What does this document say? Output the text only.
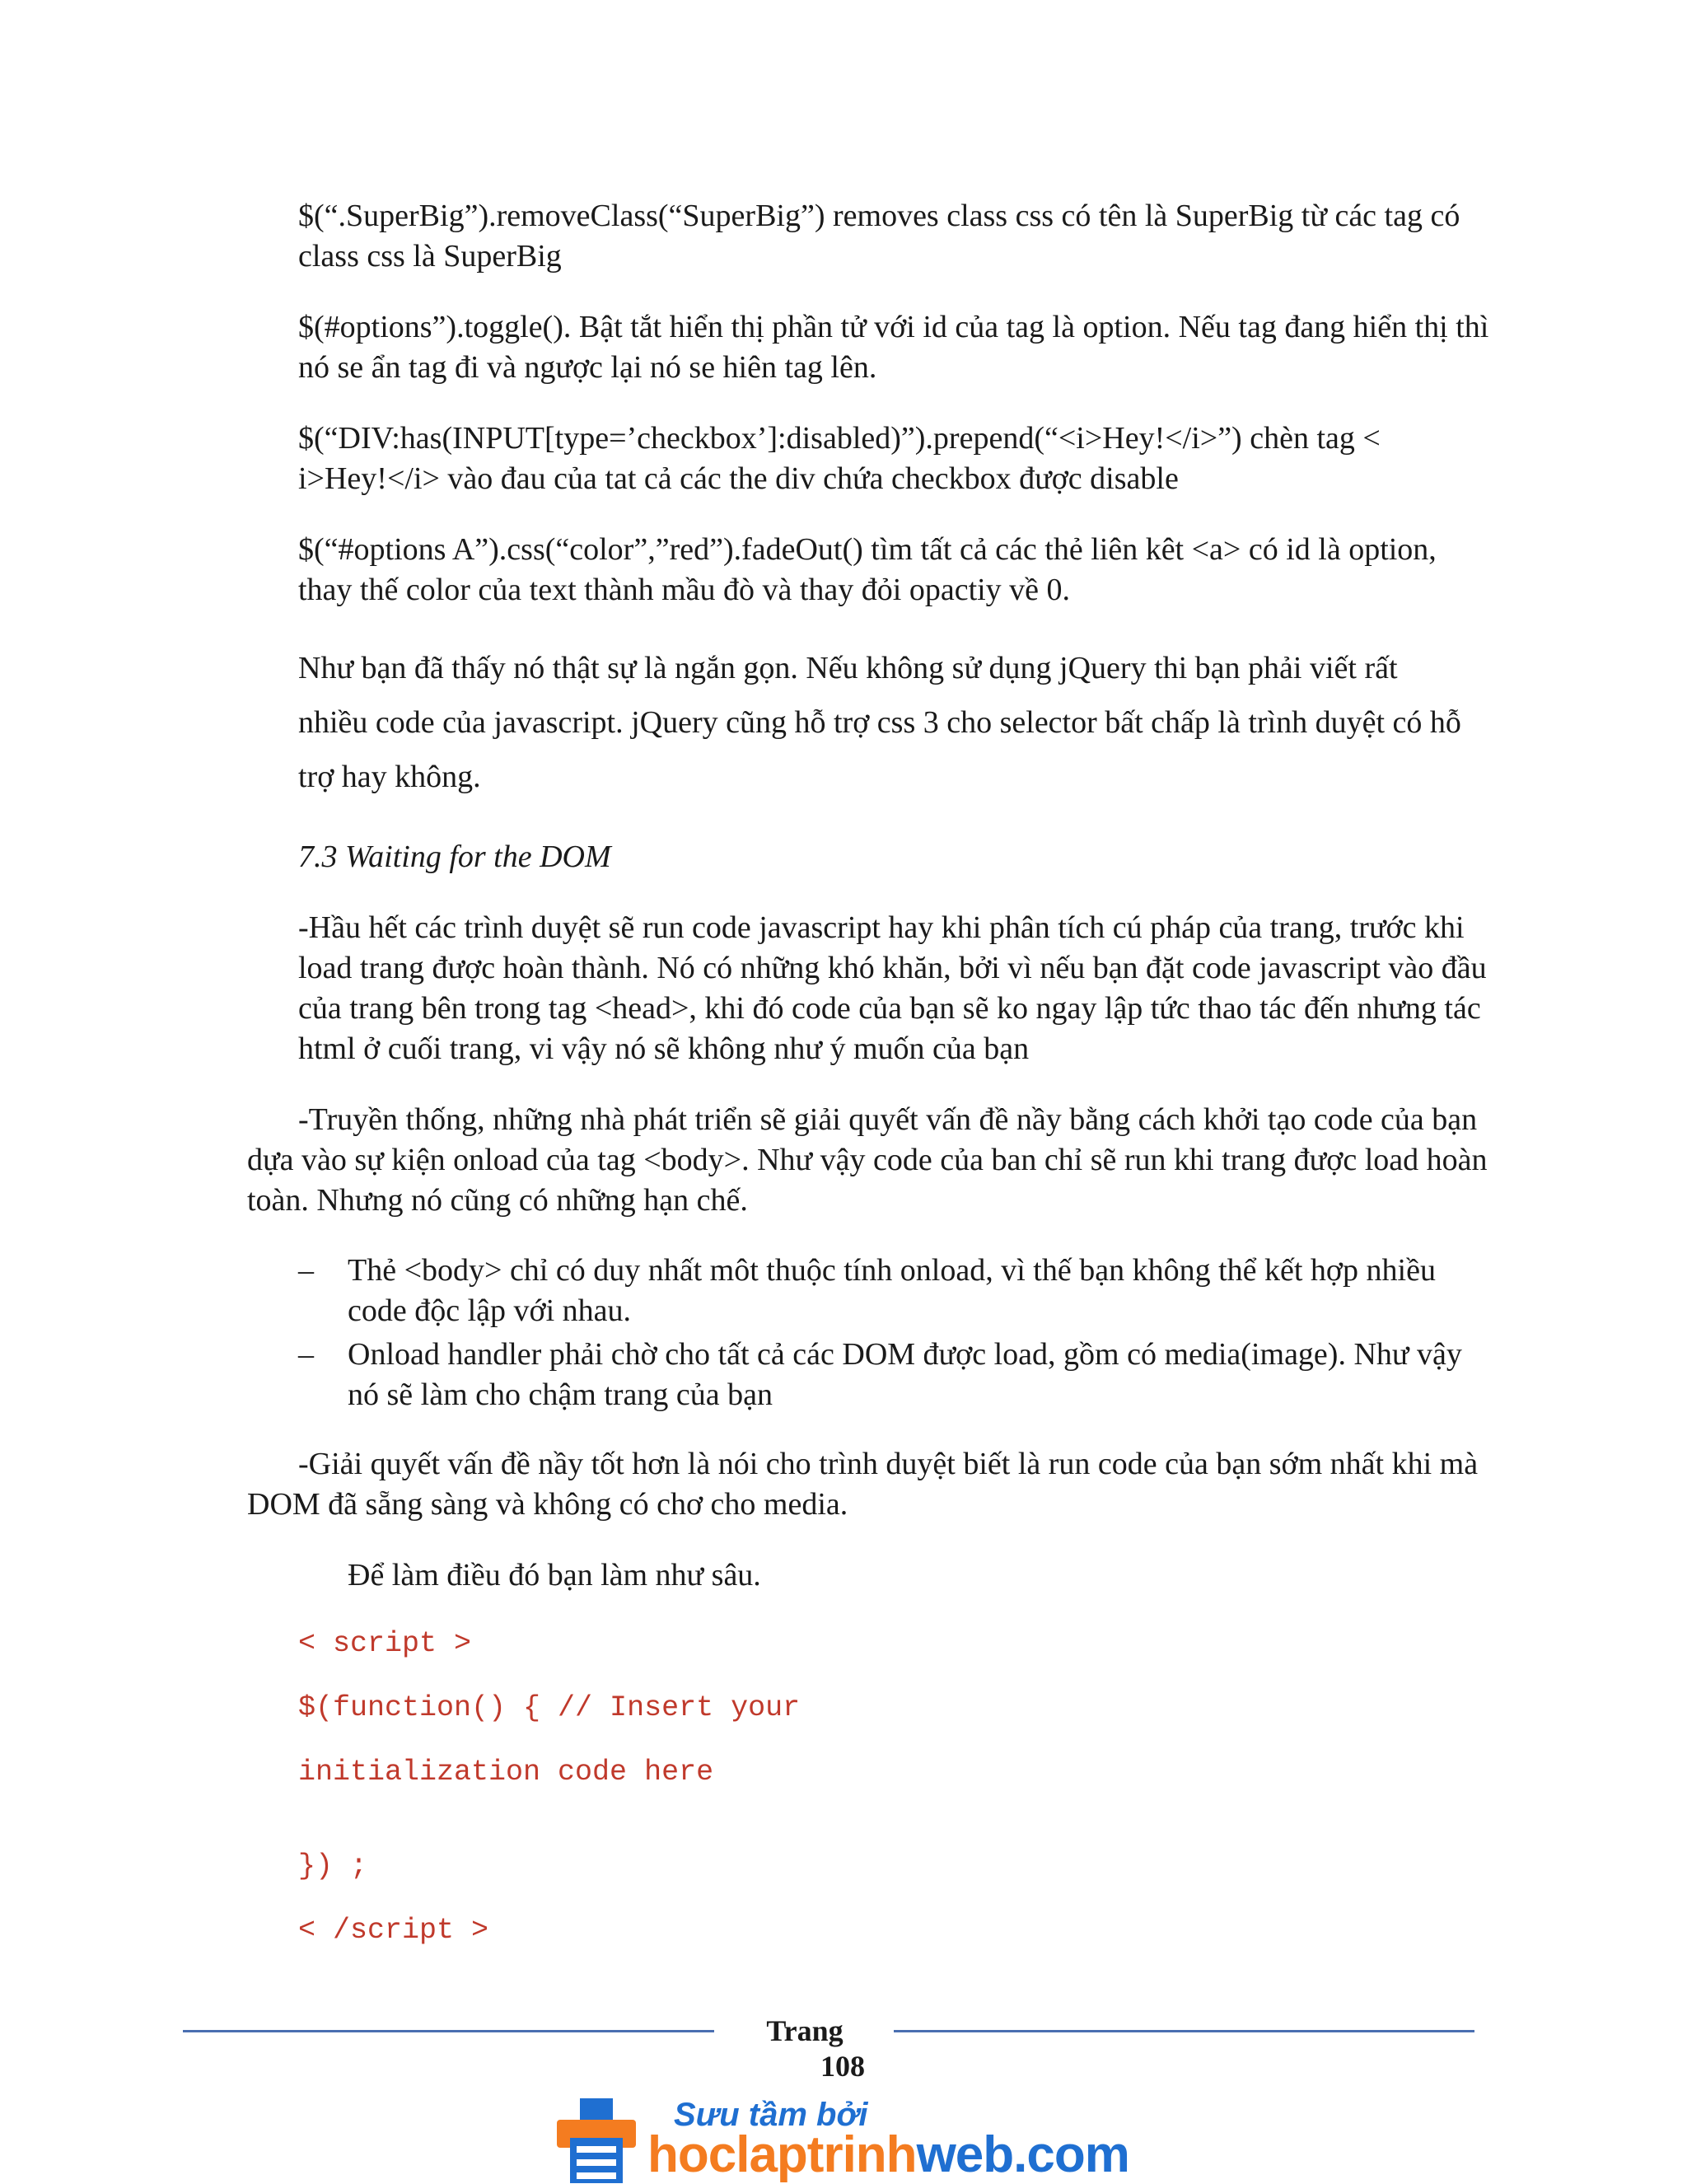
$(“.SuperBig”).removeClass(“SuperBig”) removes class css có tên là SuperBig từ các tag có class css là SuperBig

$(#options”).toggle(). Bật tắt hiển thị phần tử với id của tag là option. Nếu tag đang hiển thị thì nó se ẩn tag đi và ngược lại nó se hiên tag lên.

$(“DIV:has(INPUT[type=’checkbox’]:disabled)”).prepend(“<i>Hey!</i>”) chèn tag < i>Hey!</i> vào đau của tat cả các the div chứa checkbox được disable

$(“#options A”).css(“color”,”red”).fadeOut() tìm tất cả các thẻ liên kêt <a> có id là option, thay thế color của text thành mầu đò và thay đỏi opactiy về 0.

Như bạn đã thấy nó thật sự là ngắn gọn. Nếu không sử dụng jQuery thi bạn phải viết rất nhiều code của javascript. jQuery cũng hỗ trợ css 3 cho selector bất chấp là trình duyệt có hỗ trợ hay không.

7.3 Waiting for the DOM

-Hầu hết các trình duyệt sẽ run code javascript hay khi phân tích cú pháp của trang, trước khi load trang được hoàn thành. Nó có những khó khăn, bởi vì nếu bạn đặt code javascript vào đầu của trang bên trong tag <head>, khi đó code của bạn sẽ ko ngay lập tức thao tác đến nhưng tác html ở cuối trang, vi vậy nó sẽ không như ý muốn của bạn

-Truyền thống, những nhà phát triển sẽ giải quyết vấn đề nầy bằng cách khởi tạo code của bạn dựa vào sự kiện onload của tag <body>. Như vậy code của ban chỉ sẽ run khi trang được load hoàn toàn. Nhưng nó cũng có những hạn chế.

– Thẻ <body> chỉ có duy nhất môt thuộc tính onload, vì thế bạn không thể kết hợp nhiều code độc lập với nhau.

– Onload handler phải chờ cho tất cả các DOM được load, gồm có media(image). Như vậy nó sẽ làm cho chậm trang của bạn

-Giải quyết vấn đề nầy tốt hơn là nói cho trình duyệt biết là run code của bạn sớm nhất khi mà DOM đã sẵng sàng và không có chơ cho media.

Để làm điều đó bạn làm như sâu.

< script >
$(function() { // Insert your
initialization code here
}) ;
< /script >
Trang
108
Sưu tầm bởi
hoclaptrinhweb.com
